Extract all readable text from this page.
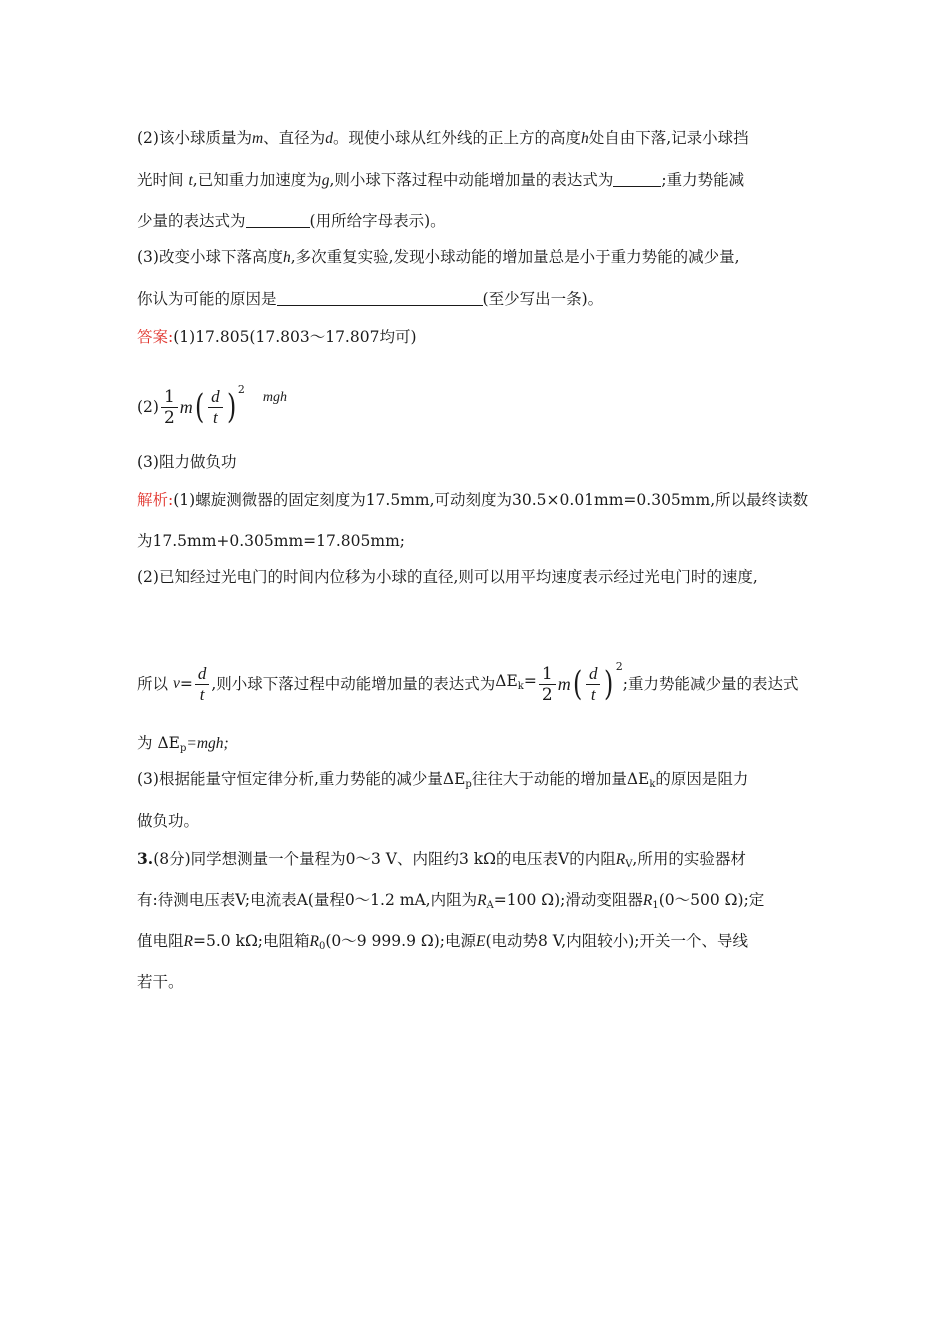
(2)该小球质量为m、直径为d。现使小球从红外线的正上方的高度h处自由下落,记录小球挡
光时间 t,已知重力加速度为g,则小球下落过程中动能增加量的表达式为	;重力势能减
少量的表达式为	(用所给字母表示)。
(3)改变小球下落高度h,多次重复实验,发现小球动能的增加量总是小于重力势能的减少量,
你认为可能的原因是	(至少写出一条)。
答案:(1)17.805(17.803～17.807均可)
$(2) \frac{1}{2} m( \frac{d}{t}$ ) $^2$mgh
(3)阻力做负功
解析:(1)螺旋测微器的固定刻度为17.5mm,可动刻度为30.5×0.01mm=0.305mm,所以最终读数
为17.5mm+0.305mm=17.805mm;
(2)已知经过光电门的时间内位移为小球的直径,则可以用平均速度表示经过光电门时的速度,
所以 $v= \frac{d}{t}$ ,则小球下落过程中动能增加量的表达式为$\Delta E_k= \frac{1}{2} m( \frac{d}{t}$ ) $^2$;重力势能减少量的表达式
为 $\Delta E_p=mgh$;
(3)根据能量守恒定律分析,重力势能的减少量$\Delta E_p$往往大于动能的增加量$\Delta E_k$的原因是阻力
做负功。
3.(8分)同学想测量一个量程为0～3 V、内阻约3 kΩ的电压表V的内阻$R_V$,所用的实验器材
有:待测电压表V;电流表A(量程0～1.2 mA,内阻为$R_A=100$ Ω);滑动变阻器$R_1(0\sim 500$ Ω);定
值电阻R=5.0 kΩ;电阻箱$R_0(0\sim 9$ 999.9 Ω);电源E(电动势8 V,内阻较小);开关一个、导线
若干。
